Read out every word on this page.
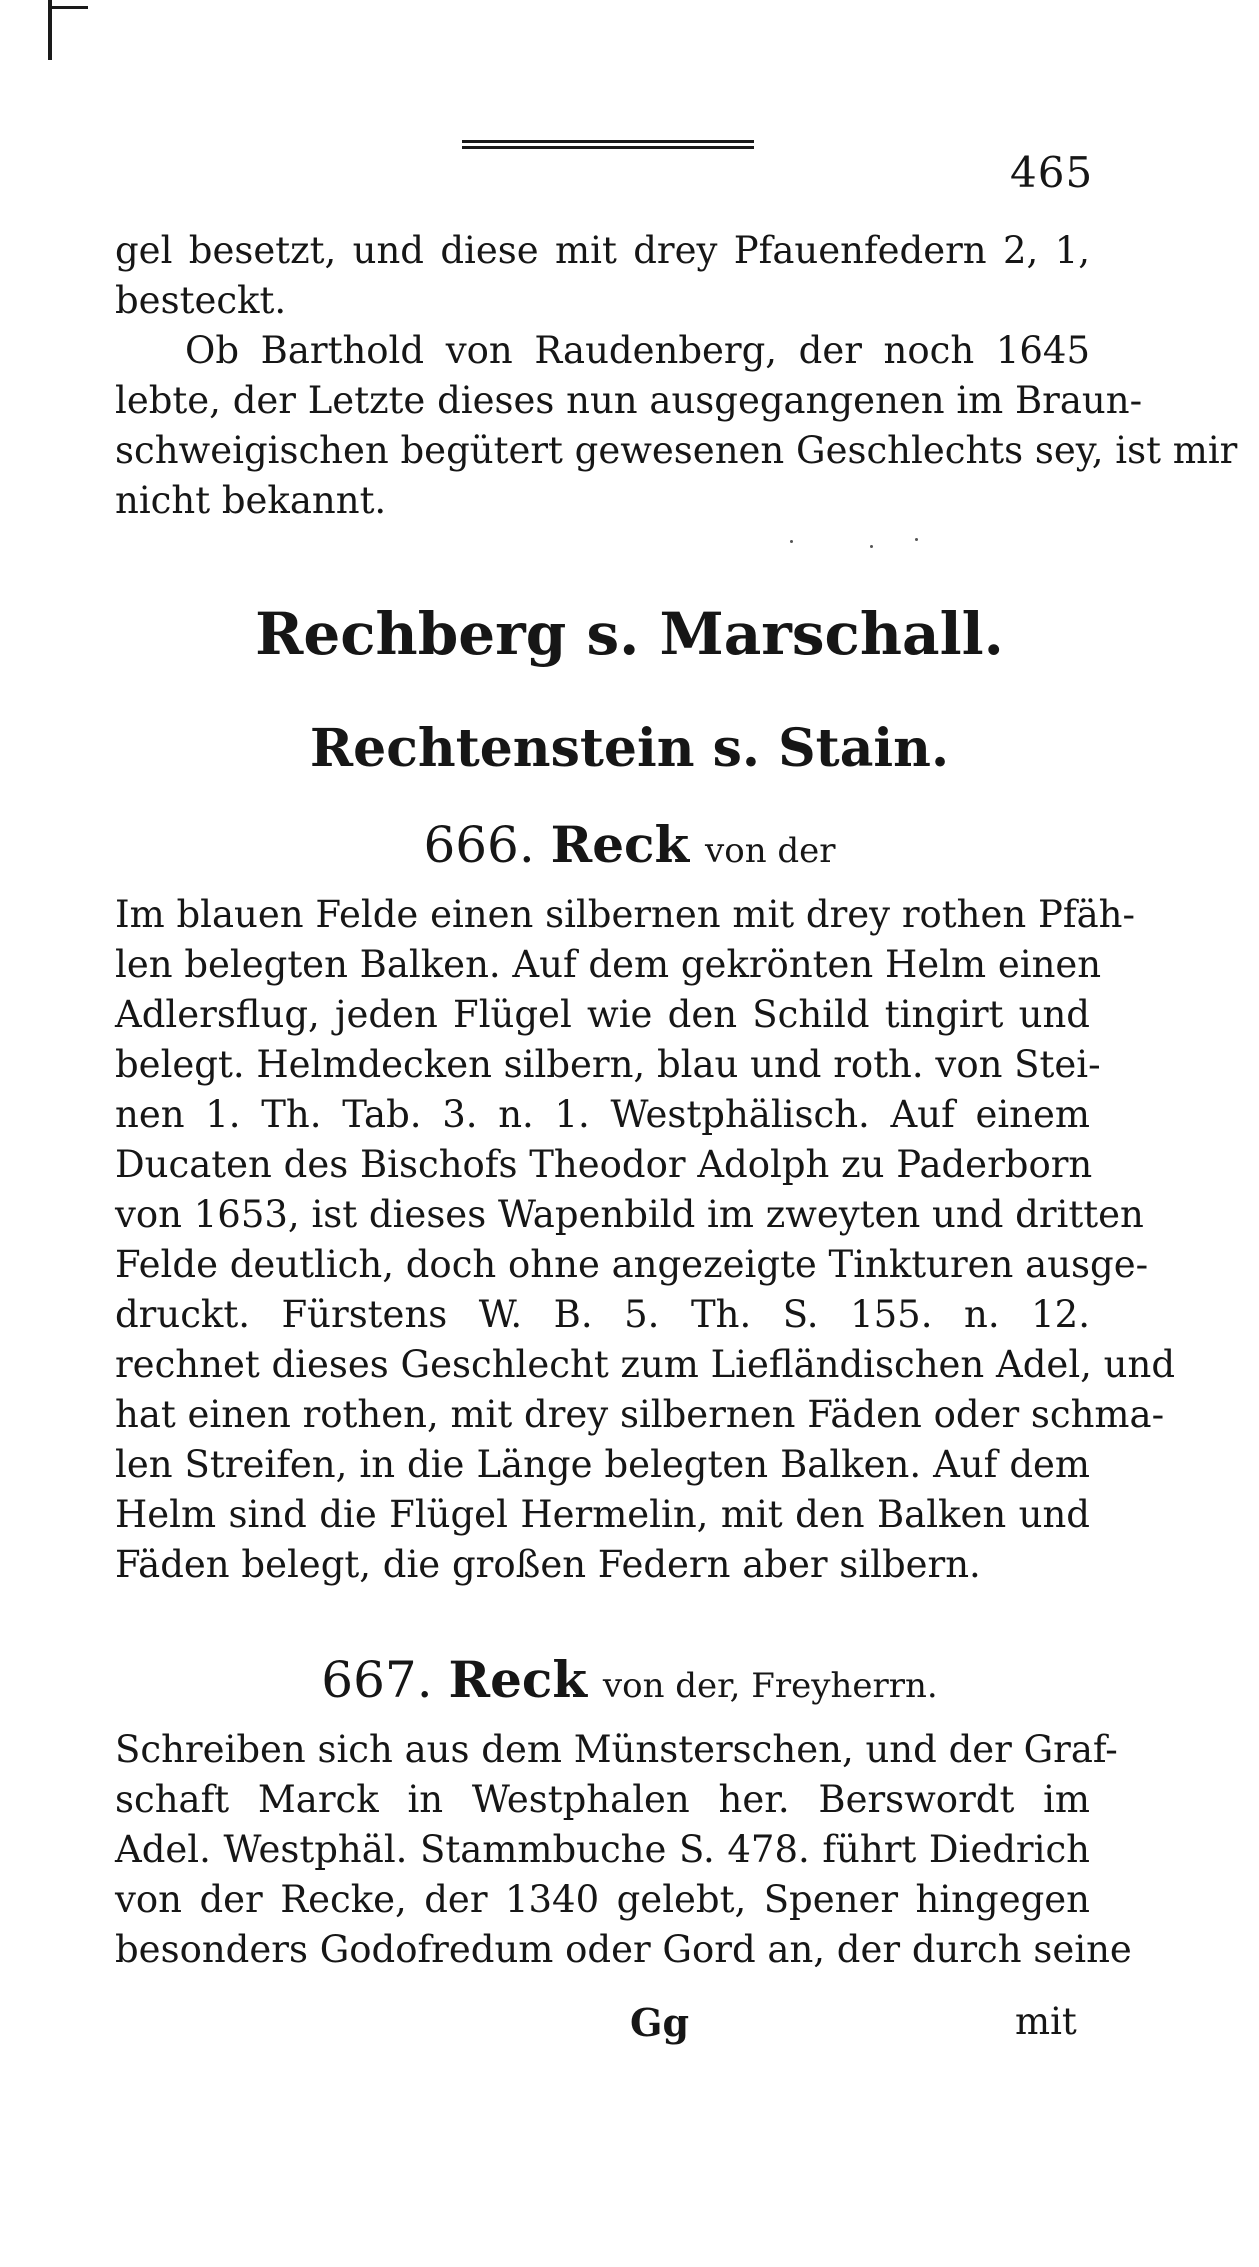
465
gel besetzt, und diese mit drey Pfauenfedern 2, 1,
besteckt.
Ob Barthold von Raudenberg, der noch 1645
lebte, der Letzte dieses nun ausgegangenen im Braun-
schweigischen begütert gewesenen Geschlechts sey, ist mir
nicht bekannt.
Rechberg s. Marschall.
Rechtenstein s. Stain.
666. Reck von der
Im blauen Felde einen silbernen mit drey rothen Pfäh-
len belegten Balken. Auf dem gekrönten Helm einen
Adlersflug, jeden Flügel wie den Schild tingirt und
belegt. Helmdecken silbern, blau und roth. von Stei-
nen 1. Th. Tab. 3. n. 1. Westphälisch. Auf einem
Ducaten des Bischofs Theodor Adolph zu Paderborn
von 1653, ist dieses Wapenbild im zweyten und dritten
Felde deutlich, doch ohne angezeigte Tinkturen ausge-
druckt. Fürstens W. B. 5. Th. S. 155. n. 12.
rechnet dieses Geschlecht zum Liefländischen Adel, und
hat einen rothen, mit drey silbernen Fäden oder schma-
len Streifen, in die Länge belegten Balken. Auf dem
Helm sind die Flügel Hermelin, mit den Balken und
Fäden belegt, die großen Federn aber silbern.
667. Reck von der, Freyherrn.
Schreiben sich aus dem Münsterschen, und der Graf-
schaft Marck in Westphalen her. Berswordt im
Adel. Westphäl. Stammbuche S. 478. führt Diedrich
von der Recke, der 1340 gelebt, Spener hingegen
besonders Godofredum oder Gord an, der durch seine
Gg	mit
